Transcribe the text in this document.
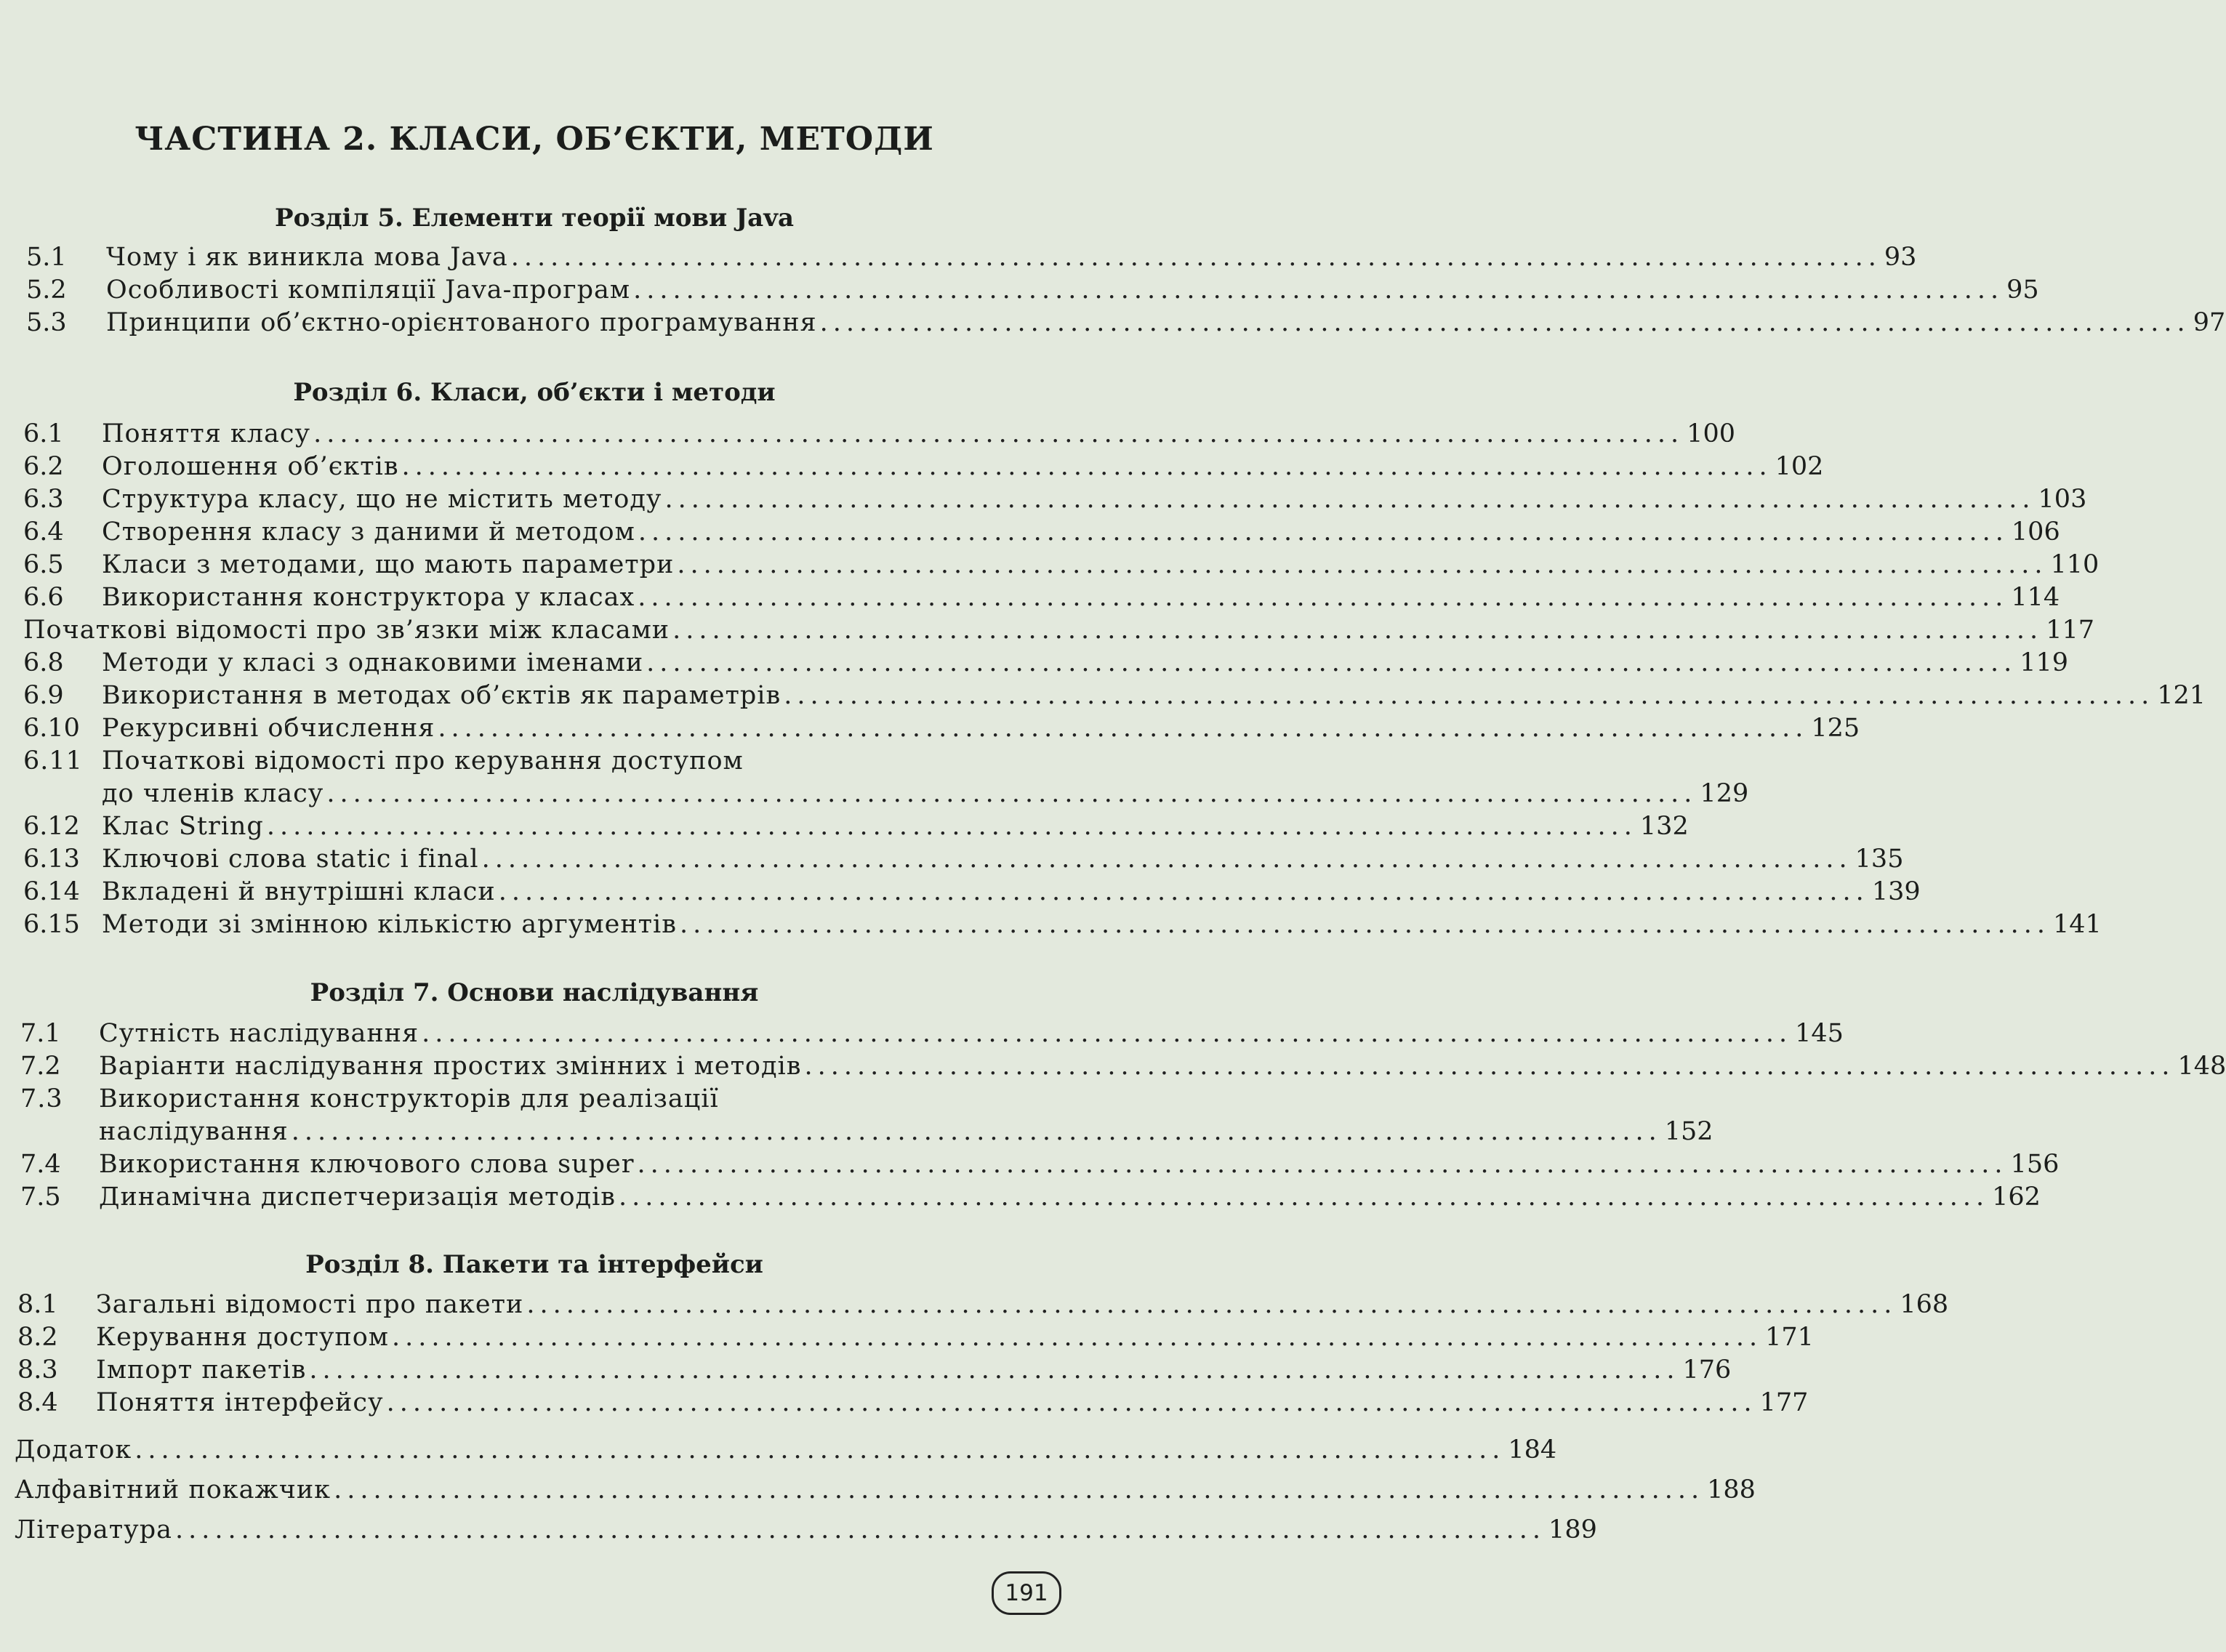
ЧАСТИНА 2. КЛАСИ, ОБ’ЄКТИ, МЕТОДИ
Розділ 5. Елементи теорії мови Java
5.1	Чому і як виникла мова Java ........................................................................................................ 93
5.2	Особливості компіляції Java-програм ........................................................................................................ 95
5.3	Принципи об’єктно-орієнтованого програмування ........................................................................................................ 97
Розділ 6. Класи, об’єкти і методи
6.1	Поняття класу ........................................................................................................ 100
6.2	Оголошення об’єктів ........................................................................................................ 102
6.3	Структура класу, що не містить методу ........................................................................................................ 103
6.4	Створення класу з даними й методом ........................................................................................................ 106
6.5	Класи з методами, що мають параметри ........................................................................................................ 110
6.6	Використання конструктора у класах ........................................................................................................ 114
Початкові відомості про зв’язки між класами ........................................................................................................ 117
6.8	Методи у класі з однаковими іменами ........................................................................................................ 119
6.9	Використання в методах об’єктів як параметрів ........................................................................................................ 121
6.10 Рекурсивні обчислення ........................................................................................................ 125
6.11 Початкові відомості про керування доступом
до членів класу ........................................................................................................ 129
6.12 Клас String ........................................................................................................ 132
6.13 Ключові слова static і final ........................................................................................................ 135
6.14 Вкладені й внутрішні класи ........................................................................................................ 139
6.15 Методи зі змінною кількістю аргументів ........................................................................................................ 141
Розділ 7. Основи наслідування
7.1	Сутність наслідування ........................................................................................................ 145
7.2	Варіанти наслідування простих змінних і методів ........................................................................................................ 148
7.3 Використання конструкторів для реалізації
наслідування ........................................................................................................ 152
7.4	Використання ключового слова super ........................................................................................................ 156
7.5	Динамічна диспетчеризація методів ........................................................................................................ 162
Розділ 8. Пакети та інтерфейси
8.1	Загальні відомості про пакети ........................................................................................................ 168
8.2	Керування доступом ........................................................................................................ 171
8.3	Імпорт пакетів ........................................................................................................ 176
8.4	Поняття інтерфейсу ........................................................................................................ 177
Додаток ........................................................................................................ 184
Алфавітний покажчик ........................................................................................................ 188
Література ........................................................................................................ 189
191
